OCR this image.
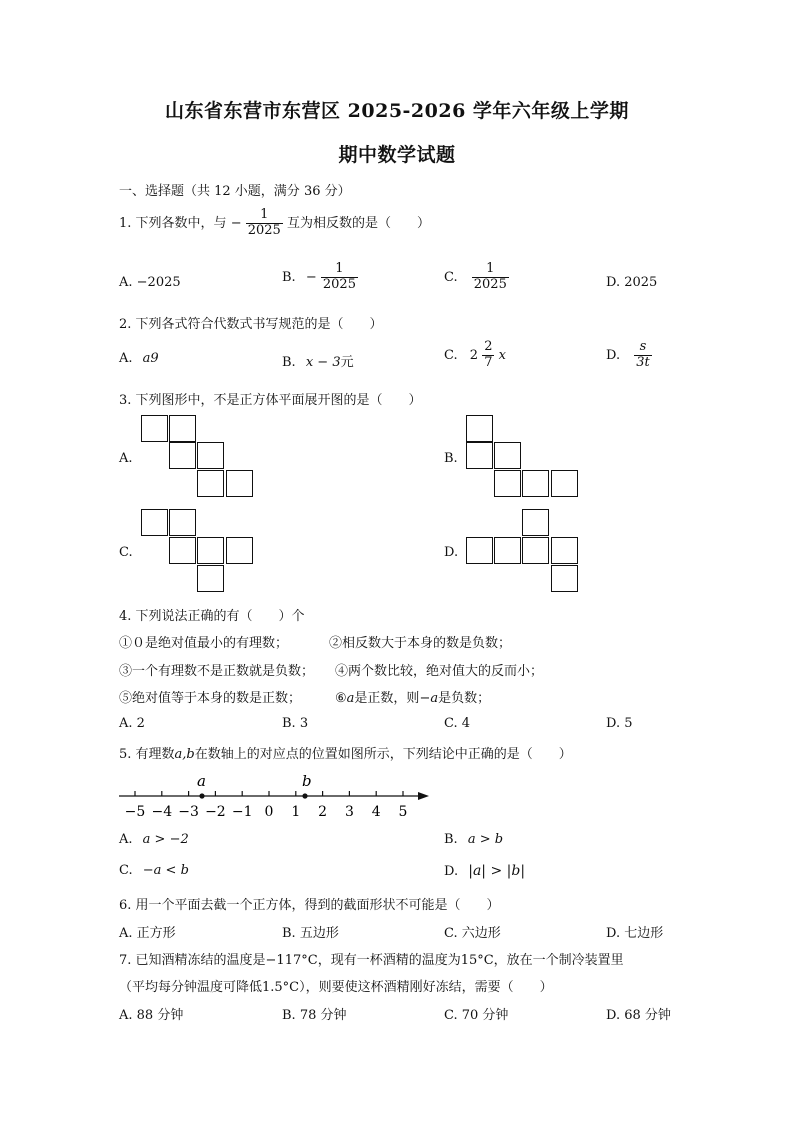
山东省东营市东营区 2025-2026 学年六年级上学期
期中数学试题
一、选择题（共 12 小题，满分 36 分）
1. 下列各数中，与 − $\frac{1}{2025}$ 互为相反数的是（　　）
A. −2025	B. − $\frac{1}{2025}$	C. $\frac{1}{2025}$	D. 2025
2. 下列各式符合代数式书写规范的是（　　）
A. a9	B. x − 3元	C. $2 \frac{2}{7}$ x	D. $\frac{s}{3t}$
3. 下列图形中，不是正方体平面展开图的是（　　）
A.	B.
C.	D.
4. 下列说法正确的有（　　）个
①０是绝对值最小的有理数；	②相反数大于本身的数是负数；
③一个有理数不是正数就是负数； ④两个数比较，绝对值大的反而小；
⑤绝对值等于本身的数是正数；	⑥a是正数，则−a是负数；
A. 2	B. 3	C. 4	D. 5
5. 有理数a,b在数轴上的对应点的位置如图所示，下列结论中正确的是（　　）
−5 −4 −3 −2 −1 0 1 2 3 4 5
a	b
A. a > −2	B. a > b
C. −a < b	D. |a| > |b|
6. 用一个平面去截一个正方体，得到的截面形状不可能是（　　）
A. 正方形	B. 五边形	C. 六边形	D. 七边形
7. 已知酒精冻结的温度是−117°C，现有一杯酒精的温度为15°C，放在一个制冷装置里
（平均每分钟温度可降低1.5°C），则要使这杯酒精刚好冻结，需要（　　）
A. 88 分钟	B. 78 分钟	C. 70 分钟	D. 68 分钟
